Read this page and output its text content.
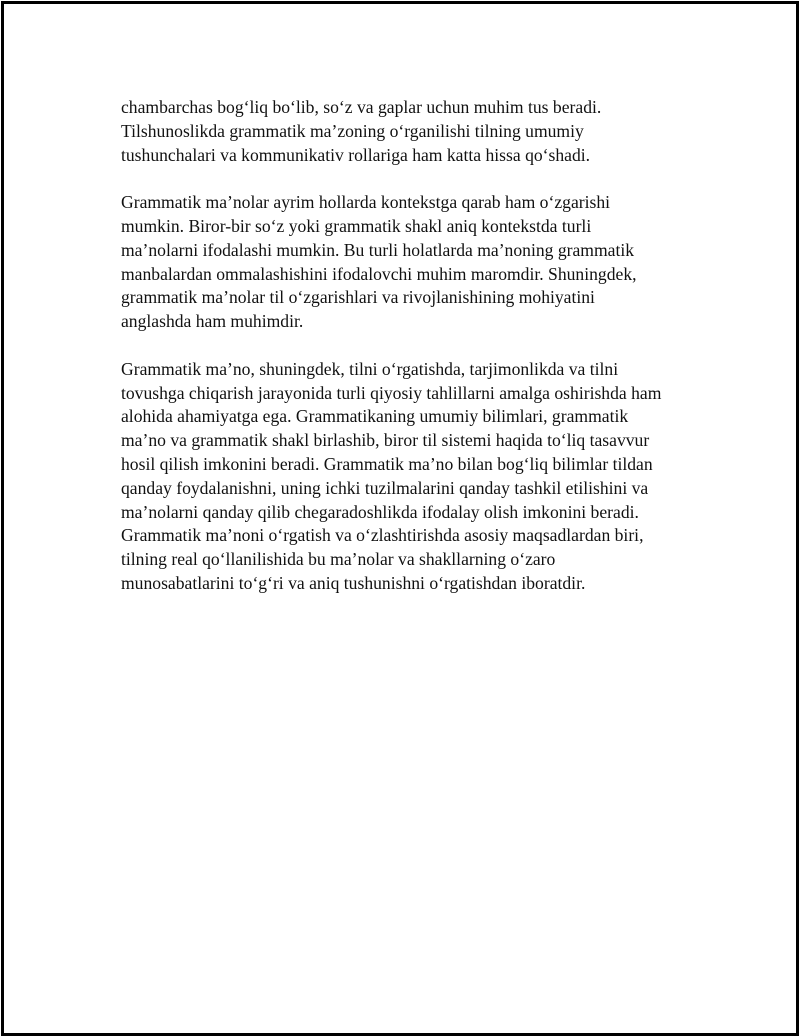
chambarchas bog‘liq bo‘lib, so‘z va gaplar uchun muhim tus beradi.
Tilshunoslikda grammatik ma’zoning o‘rganilishi tilning umumiy
tushunchalari va kommunikativ rollariga ham katta hissa qo‘shadi.

Grammatik ma’nolar ayrim hollarda kontekstga qarab ham o‘zgarishi
mumkin. Biror-bir so‘z yoki grammatik shakl aniq kontekstda turli
ma’nolarni ifodalashi mumkin. Bu turli holatlarda ma’noning grammatik
manbalardan ommalashishini ifodalovchi muhim maromdir. Shuningdek,
grammatik ma’nolar til o‘zgarishlari va rivojlanishining mohiyatini
anglashda ham muhimdir.

Grammatik ma’no, shuningdek, tilni o‘rgatishda, tarjimonlikda va tilni
tovushga chiqarish jarayonida turli qiyosiy tahlillarni amalga oshirishda ham
alohida ahamiyatga ega. Grammatikaning umumiy bilimlari, grammatik
ma’no va grammatik shakl birlashib, biror til sistemi haqida to‘liq tasavvur
hosil qilish imkonini beradi. Grammatik ma’no bilan bog‘liq bilimlar tildan
qanday foydalanishni, uning ichki tuzilmalarini qanday tashkil etilishini va
ma’nolarni qanday qilib chegaradoshlikda ifodalay olish imkonini beradi.
Grammatik ma’noni o‘rgatish va o‘zlashtirishda asosiy maqsadlardan biri,
tilning real qo‘llanilishida bu ma’nolar va shakllarning o‘zaro
munosabatlarini to‘g‘ri va aniq tushunishni o‘rgatishdan iboratdir.
